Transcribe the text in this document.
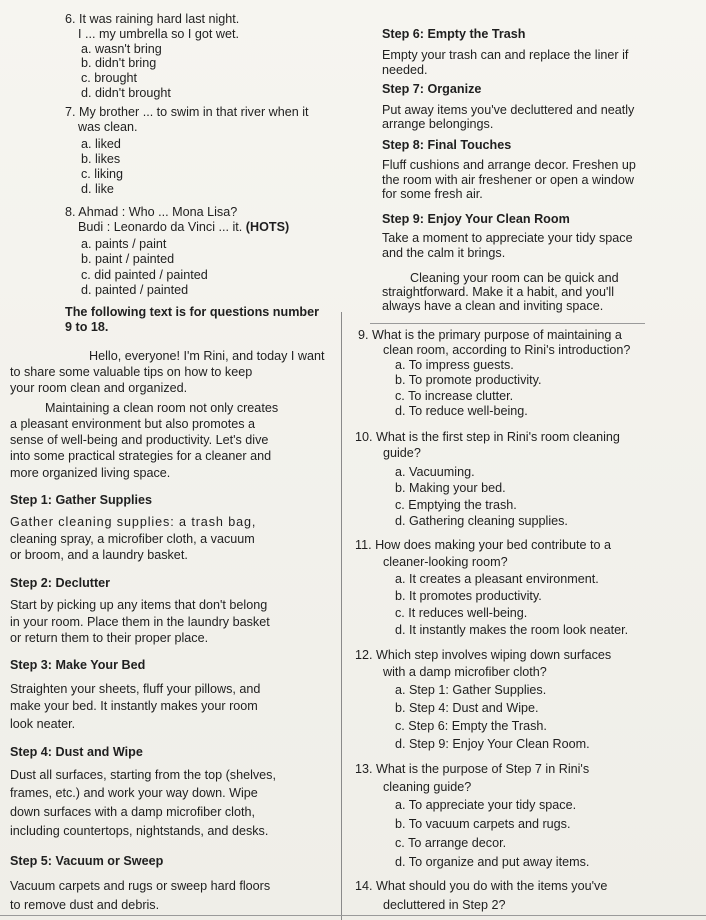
6. It was raining hard last night.
I ... my umbrella so I got wet.
a. wasn't bring
b. didn't bring
c. brought
d. didn't brought
7. My brother ... to swim in that river when it
was clean.
a. liked
b. likes
c. liking
d. like
8. Ahmad : Who ... Mona Lisa?
Budi : Leonardo da Vinci ... it. (HOTS)
a. paints / paint
b. paint / painted
c. did painted / painted
d. painted / painted
The following text is for questions number
9 to 18.
Hello, everyone! I'm Rini, and today I want
to share some valuable tips on how to keep
your room clean and organized.
Maintaining a clean room not only creates
a pleasant environment but also promotes a
sense of well-being and productivity. Let's dive
into some practical strategies for a cleaner and
more organized living space.
Step 1: Gather Supplies
Gather cleaning supplies: a trash bag,
cleaning spray, a microfiber cloth, a vacuum
or broom, and a laundry basket.
Step 2: Declutter
Start by picking up any items that don't belong
in your room. Place them in the laundry basket
or return them to their proper place.
Step 3: Make Your Bed
Straighten your sheets, fluff your pillows, and
make your bed. It instantly makes your room
look neater.
Step 4: Dust and Wipe
Dust all surfaces, starting from the top (shelves,
frames, etc.) and work your way down. Wipe
down surfaces with a damp microfiber cloth,
including countertops, nightstands, and desks.
Step 5: Vacuum or Sweep
Vacuum carpets and rugs or sweep hard floors
to remove dust and debris.
Step 6: Empty the Trash
Empty your trash can and replace the liner if
needed.
Step 7: Organize
Put away items you've decluttered and neatly
arrange belongings.
Step 8: Final Touches
Fluff cushions and arrange decor. Freshen up
the room with air freshener or open a window
for some fresh air.
Step 9: Enjoy Your Clean Room
Take a moment to appreciate your tidy space
and the calm it brings.
Cleaning your room can be quick and
straightforward. Make it a habit, and you'll
always have a clean and inviting space.
9. What is the primary purpose of maintaining a
clean room, according to Rini's introduction?
a. To impress guests.
b. To promote productivity.
c. To increase clutter.
d. To reduce well-being.
10. What is the first step in Rini's room cleaning
guide?
a. Vacuuming.
b. Making your bed.
c. Emptying the trash.
d. Gathering cleaning supplies.
11. How does making your bed contribute to a
cleaner-looking room?
a. It creates a pleasant environment.
b. It promotes productivity.
c. It reduces well-being.
d. It instantly makes the room look neater.
12. Which step involves wiping down surfaces
with a damp microfiber cloth?
a. Step 1: Gather Supplies.
b. Step 4: Dust and Wipe.
c. Step 6: Empty the Trash.
d. Step 9: Enjoy Your Clean Room.
13. What is the purpose of Step 7 in Rini's
cleaning guide?
a. To appreciate your tidy space.
b. To vacuum carpets and rugs.
c. To arrange decor.
d. To organize and put away items.
14. What should you do with the items you've
decluttered in Step 2?
